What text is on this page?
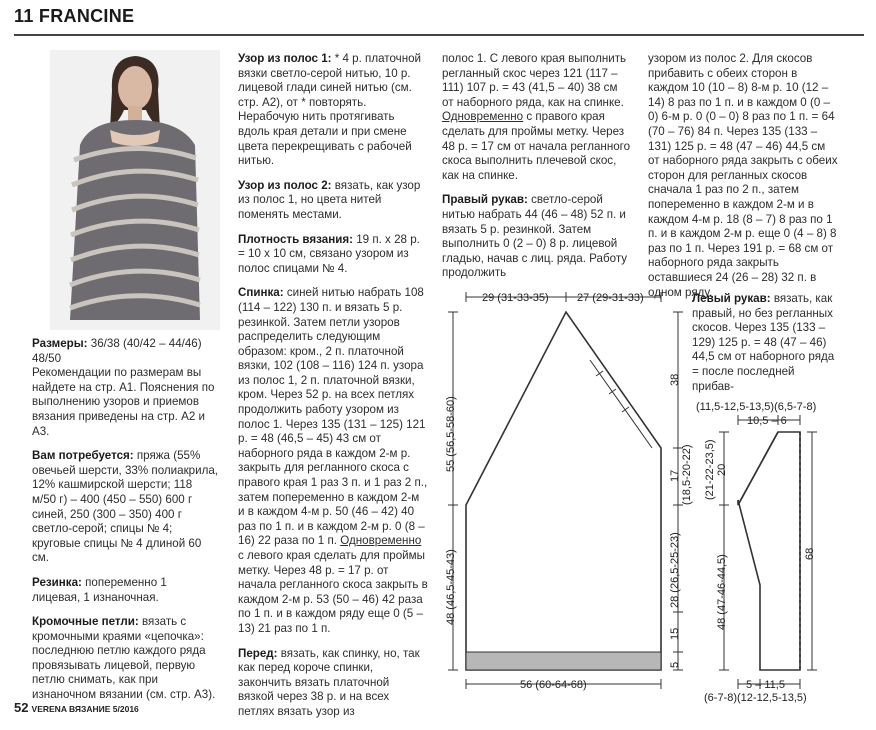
11 FRANCINE

Размеры: 36/38 (40/42 – 44/46) 48/50
Рекомендации по размерам вы найдете на стр. А1. Пояснения по выполнению узоров и приемов вязания приведены на стр. А2 и А3.

Вам потребуется: пряжа (55% овечьей шерсти, 33% полиакрила, 12% кашмирской шерсти; 118 м/50 г) – 400 (450 – 550) 600 г синей, 250 (300 – 350) 400 г светло-серой; спицы № 4; круговые спицы № 4 длиной 60 см.

Резинка: попеременно 1 лицевая, 1 изнаночная.

Кромочные петли: вязать с кромочными краями «цепочка»: последнюю петлю каждого ряда провязывать лицевой, первую петлю снимать, как при изнаночном вязании (см. стр. А3).

Узор из полос 1: * 4 р. платочной вязки светло-серой нитью, 10 р. лицевой глади синей нитью (см. стр. А2), от * повторять. Нерабочую нить протягивать вдоль края детали и при смене цвета перекрещивать с рабочей нитью.

Узор из полос 2: вязать, как узор из полос 1, но цвета нитей поменять местами.

Плотность вязания: 19 п. x 28 р. = 10 x 10 см, связано узором из полос спицами № 4.

Спинка: синей нитью набрать 108 (114 – 122) 130 п. и вязать 5 р. резинкой. Затем петли узоров распределить следующим образом: кром., 2 п. платочной вязки, 102 (108 – 116) 124 п. узора из полос 1, 2 п. платочной вязки, кром. Через 52 р. на всех петлях продолжить работу узором из полос 1. Через 135 (131 – 125) 121 р. = 48 (46,5 – 45) 43 см от наборного ряда в каждом 2-м р. закрыть для регланного скоса с правого края 1 раз 3 п. и 1 раз 2 п., затем попеременно в каждом 2-м и в каждом 4-м р. 50 (46 – 42) 40 раз по 1 п. и в каждом 2-м р. 0 (8 – 16) 22 раза по 1 п. Одновременно с левого края сделать для проймы метку. Через 48 р. = 17 р. от начала регланного скоса закрыть в каждом 2-м р. 53 (50 – 46) 42 раза по 1 п. и в каждом ряду еще 0 (5 – 13) 21 раз по 1 п.

Перед: вязать, как спинку, но, так как перед короче спинки, закончить вязать платочной вязкой через 38 р. и на всех петлях вязать узор из

полос 1. С левого края выполнить регланный скос через 121 (117 – 111) 107 р. = 43 (41,5 – 40) 38 см от наборного ряда, как на спинке. Одновременно с правого края сделать для проймы метку. Через 48 р. = 17 см от начала регланного скоса выполнить плечевой скос, как на спинке.

Правый рукав: светло-серой нитью набрать 44 (46 – 48) 52 п. и вязать 5 р. резинкой. Затем выполнить 0 (2 – 0) 8 р. лицевой гладью, начав с лиц. ряда. Работу продолжить

узором из полос 2. Для скосов прибавить с обеих сторон в каждом 10 (10 – 8) 8-м р. 10 (12 – 14) 8 раз по 1 п. и в каждом 0 (0 – 0) 6-м р. 0 (0 – 0) 8 раз по 1 п. = 64 (70 – 76) 84 п. Через 135 (133 – 131) 125 р. = 48 (47 – 46) 44,5 см от наборного ряда закрыть с обеих сторон для регланных скосов сначала 1 раз по 2 п., затем попеременно в каждом 2-м и в каждом 4-м р. 18 (8 – 7) 8 раз по 1 п. и в каждом 2-м р. еще 0 (4 – 8) 8 раз по 1 п. Через 191 р. = 68 см от наборного ряда закрыть оставшиеся 24 (26 – 28) 32 п. в одном ряду.

Левый рукав: вязать, как правый, но без регланных скосов. Через 135 (133 – 129) 125 р. = 48 (47 – 46) 44,5 см от наборного ряда = после последней прибав-

29 (31-33-35)	27 (29-31-33)
55 (56,5-58-60)
48 (46,5-45-43)
38
17 (18,5-20-22)
28 (26,5-25-23)
15
5
56 (60-64-68)
(11,5-12,5-13,5)(6,5-7-8)
10,5 – 6
20
(21-22-23,5)
48 (47-46-44,5)
68
5 – 11,5
(6-7-8)(12-12,5-13,5)
52 VERENA ВЯЗАНИЕ 5/2016
